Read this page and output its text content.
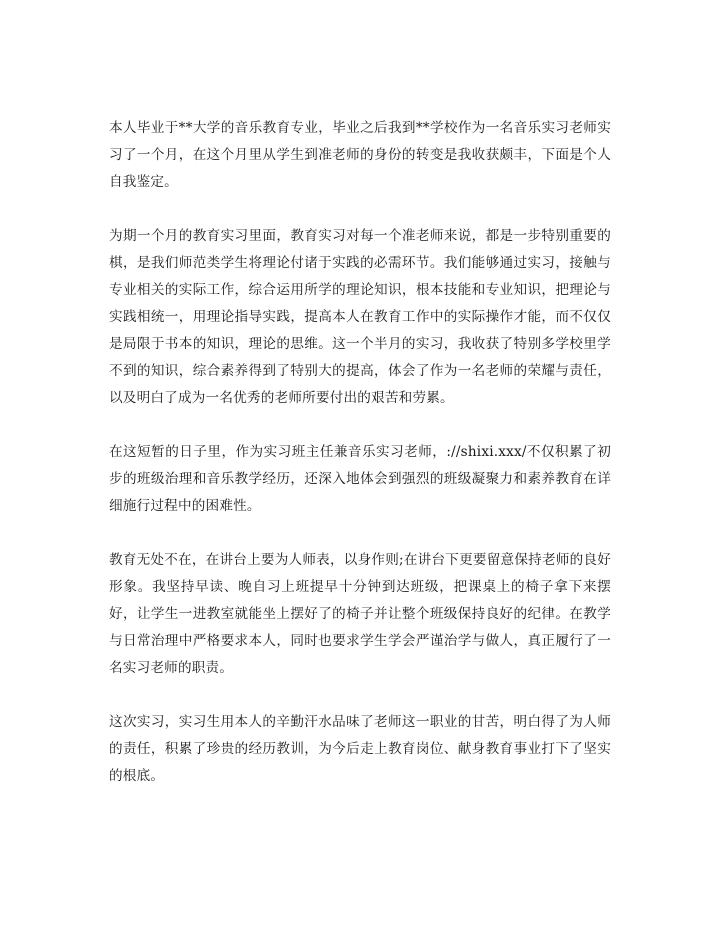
本人毕业于**大学的音乐教育专业，毕业之后我到**学校作为一名音乐实习老师实习了一个月，在这个月里从学生到准老师的身份的转变是我收获颇丰，下面是个人自我鉴定。

为期一个月的教育实习里面，教育实习对每一个准老师来说，都是一步特别重要的棋，是我们师范类学生将理论付诸于实践的必需环节。我们能够通过实习，接触与专业相关的实际工作，综合运用所学的理论知识，根本技能和专业知识，把理论与实践相统一，用理论指导实践，提高本人在教育工作中的实际操作才能，而不仅仅是局限于书本的知识，理论的思维。这一个半月的实习，我收获了特别多学校里学不到的知识，综合素养得到了特别大的提高，体会了作为一名老师的荣耀与责任，以及明白了成为一名优秀的老师所要付出的艰苦和劳累。

在这短暂的日子里，作为实习班主任兼音乐实习老师，://shixi.xxx/不仅积累了初步的班级治理和音乐教学经历，还深入地体会到强烈的班级凝聚力和素养教育在详细施行过程中的困难性。

教育无处不在，在讲台上要为人师表，以身作则;在讲台下更要留意保持老师的良好形象。我坚持早读、晚自习上班提早十分钟到达班级，把课桌上的椅子拿下来摆好，让学生一进教室就能坐上摆好了的椅子并让整个班级保持良好的纪律。在教学与日常治理中严格要求本人，同时也要求学生学会严谨治学与做人，真正履行了一名实习老师的职责。

这次实习，实习生用本人的辛勤汗水品味了老师这一职业的甘苦，明白得了为人师的责任，积累了珍贵的经历教训，为今后走上教育岗位、献身教育事业打下了坚实的根底。
